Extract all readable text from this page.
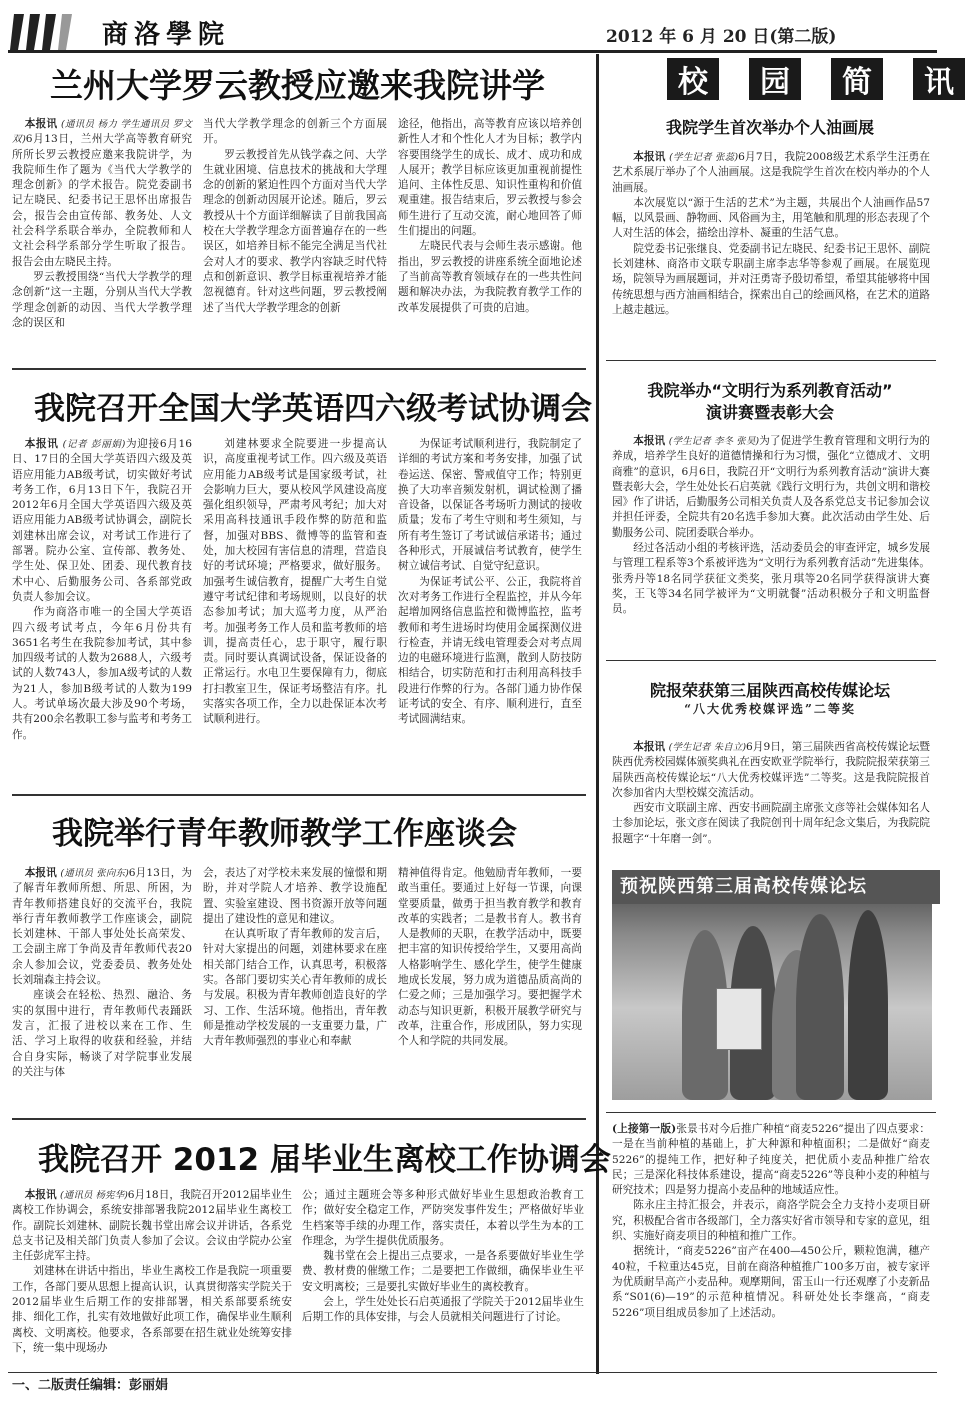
商洛學院	2012 年 6 月 20 日(第二版)
兰州大学罗云教授应邀来我院讲学

本报讯 (通讯员 杨力 学生通讯员 罗文双)6月13日，兰州大学高等教育研究所所长罗云教授应邀来我院讲学，为我院师生作了题为《当代大学教学的理念创新》的学术报告。院党委副书记左晓民、纪委书记王思怀出席报告会，报告会由宣传部、教务处、人文社会科学系联合举办，全院教师和人文社会科学系部分学生听取了报告。报告会由左晓民主持。

罗云教授围绕“当代大学教学的理念创新”这一主题，分别从当代大学教学理念创新的动因、当代大学教学理念的误区和

当代大学教学理念的创新三个方面展开。

罗云教授首先从钱学森之问、大学生就业困境、信息技术的挑战和大学理念的创新的紧迫性四个方面对当代大学理念的创新动因展开论述。随后，罗云教授从十个方面详细解读了目前我国高校在大学教学理念方面普遍存在的一些误区，如培养目标不能完全满足当代社会对人才的要求、教学内容缺乏时代特点和创新意识、教学目标重视培养才能忽视德育。针对这些问题，罗云教授阐述了当代大学教学理念的创新

途径，他指出，高等教育应该以培养创新性人才和个性化人才为目标；教学内容要围绕学生的成长、成才、成功和成人展开；教学目标应该更加重视前提性追问、主体性反思、知识性重构和价值观重建。报告结束后，罗云教授与参会师生进行了互动交流，耐心地回答了师生们提出的问题。

左晓民代表与会师生表示感谢。他指出，罗云教授的讲座系统全面地论述了当前高等教育领域存在的一些共性问题和解决办法，为我院教育教学工作的改革发展提供了可贵的启迪。

我院召开全国大学英语四六级考试协调会

本报讯 (记者 彭丽娟)为迎接6月16日、17日的全国大学英语四六级及英语应用能力AB级考试，切实做好考试考务工作，6月13日下午，我院召开2012年6月全国大学英语四六级及英语应用能力AB级考试协调会，副院长刘建林出席会议，对考试工作进行了部署。院办公室、宣传部、教务处、学生处、保卫处、团委、现代教育技术中心、后勤服务公司、各系部党政负责人参加会议。

作为商洛市唯一的全国大学英语四六级考试考点，今年6月份共有3651名考生在我院参加考试，其中参加四级考试的人数为2688人，六级考试的人数743人，参加A级考试的人数为21人，参加B级考试的人数为199人。考试单场次最大涉及90个考场，共有200余名教职工参与监考和考务工作。

刘建林要求全院要进一步提高认识，高度重视考试工作。四六级及英语应用能力AB级考试是国家级考试，社会影响力巨大，要从校风学风建设高度强化组织领导，严肃考风考纪；加大对采用高科技通讯手段作弊的防范和监督，加强对BBS、微博等的监管和查处，加大校园有害信息的清理，营造良好的考试环境；严格要求，做好服务。加强考生诚信教育，提醒广大考生自觉遵守考试纪律和考场规则，以良好的状态参加考试；加大巡考力度，从严治考。加强考务工作人员和监考教师的培训，提高责任心，忠于职守，履行职责。同时要认真调试设备，保证设备的正常运行。水电卫生要保障有力，彻底打扫教室卫生，保证考场整洁有序。扎实落实各项工作，全力以赴保证本次考试顺利进行。

为保证考试顺利进行，我院制定了详细的考试方案和考务安排，加强了试卷运送、保密、警戒值守工作；特别更换了大功率音频发射机，调试检测了播音设备，以保证各考场听力测试的接收质量；发布了考生守则和考生须知，与所有考生签订了考试诚信承诺书；通过各种形式，开展诚信考试教育，使学生树立诚信考试、自觉守纪意识。

为保证考试公平、公正，我院将首次对考务工作进行全程监控，并从今年起增加网络信息监控和微博监控，监考教师和考生进场时均使用金属探测仪进行检查，并请无线电管理委会对考点周边的电磁环境进行监测，散到人防技防相结合，切实防范和打击利用高科技手段进行作弊的行为。各部门通力协作保证考试的安全、有序、顺利进行，直至考试圆满结束。

我院举行青年教师教学工作座谈会

本报讯 (通讯员 张向东)6月13日，为了解青年教师所想、所思、所困，为青年教师搭建良好的交流平台，我院举行青年教师教学工作座谈会，副院长刘建林、干部人事处处长高荣发、工会副主席丁争尚及青年教师代表20余人参加会议，党委委员、教务处处长刘瑞森主持会议。

座谈会在轻松、热烈、融洽、务实的氛围中进行，青年教师代表踊跃发言，汇报了进校以来在工作、生活、学习上取得的收获和经验，并结合自身实际，畅谈了对学院事业发展的关注与体

会，表达了对学校未来发展的憧憬和期盼，并对学院人才培养、教学设施配置、实验室建设、图书资源开放等问题提出了建设性的意见和建议。

在认真听取了青年教师的发言后，针对大家提出的问题，刘建林要求在座相关部门结合工作，认真思考，积极落实。各部门要切实关心青年教师的成长与发展。积极为青年教师创造良好的学习、工作、生活环境。他指出，青年教师是推动学校发展的一支重要力量，广大青年教师强烈的事业心和奉献

精神值得肯定。他勉励青年教师，一要敢当重任。要通过上好每一节课，向课堂要质量，做勇于担当教育教学和教育改革的实践者；二是教书育人。教书育人是教师的天职，在教学活动中，既要把丰富的知识传授给学生，又要用高尚人格影响学生、感化学生，使学生健康地成长发展，努力成为道德品质高尚的仁爱之师；三是加强学习。要把握学术动态与知识更新，积极开展教学研究与改革，注重合作，形成团队，努力实现个人和学院的共同发展。

我院召开 2012 届毕业生离校工作协调会

本报讯 (通讯员 杨宪华)6月18日，我院召开2012届毕业生离校工作协调会，系统安排部署我院2012届毕业生离校工作。副院长刘建林、副院长魏书堂出席会议并讲话，各系党总支书记及相关部门负责人参加了会议。会议由学院办公室主任彭虎军主持。

刘建林在讲话中指出，毕业生离校工作是我院一项重要工作，各部门要从思想上提高认识，认真贯彻落实学院关于2012届毕业生后期工作的安排部署，相关系部要系统安排、细化工作，扎实有效地做好此项工作，确保毕业生顺利离校、文明离校。他要求，各系部要在招生就业处统筹安排下，统一集中现场办

公；通过主题班会等多种形式做好毕业生思想政治教育工作；做好安全稳定工作，严防突发事件发生；严格做好毕业生档案等手续的办理工作，落实责任，本着以学生为本的工作理念，为学生提供优质服务。

魏书堂在会上提出三点要求，一是各系要做好毕业生学费、教材费的催缴工作；二是要把工作做细，确保毕业生平安文明离校；三是要扎实做好毕业生的离校教育。

会上，学生处处长石启英通报了学院关于2012届毕业生后期工作的具体安排，与会人员就相关问题进行了讨论。

校	园	简	讯
我院学生首次举办个人油画展

本报讯 (学生记者 张蕊)6月7日，我院2008级艺术系学生汪勇在艺术系展厅举办了个人油画展。这是我院学生首次在校内举办的个人油画展。

本次展览以“源于生活的艺术”为主题，共展出个人油画作品57幅，以风景画、静物画、风俗画为主，用笔触和肌理的形态表现了个人对生活的体会，描绘出淳朴、凝重的生活气息。

院党委书记张继良、党委副书记左晓民、纪委书记王思怀、副院长刘建林、商洛市文联专职副主席李志华等参观了画展。在展览现场，院领导为画展题词，并对汪勇寄予殷切希望，希望其能够将中国传统思想与西方油画相结合，探索出自己的绘画风格，在艺术的道路上越走越远。

我院举办“文明行为系列教育活动”
演讲赛暨表彰大会

本报讯 (学生记者 李冬 张昊)为了促进学生教育管理和文明行为的养成，培养学生良好的道德情操和行为习惯，强化“立德成才、文明商雅”的意识，6月6日，我院召开“文明行为系列教育活动”演讲大赛暨表彰大会，学生处处长石启英就《践行文明行为，共创文明和谐校园》作了讲话，后勤服务公司相关负责人及各系党总支书记参加会议并担任评委，全院共有20名选手参加大赛。此次活动由学生处、后勤服务公司、院团委联合举办。

经过各活动小组的考核评选，活动委员会的审查评定，城乡发展与管理工程系等3个系被评选为“文明行为系列教育活动”先进集体。张秀丹等18名同学获征文类奖，张月琪等20名同学获得演讲大赛奖，王飞等34名同学被评为“文明就餐”活动积极分子和文明监督员。

院报荣获第三届陕西高校传媒论坛
“八大优秀校媒评选”二等奖

本报讯 (学生记者 朱自立)6月9日，第三届陕西省高校传媒论坛暨陕西优秀校园媒体颁奖典礼在西安欧亚学院举行，我院院报荣获第三届陕西高校传媒论坛“八大优秀校媒评选”二等奖。这是我院院报首次参加省内大型校媒交流活动。

西安市文联副主席、西安书画院副主席张文彦等社会媒体知名人士参加论坛，张文彦在阅读了我院创刊十周年纪念文集后，为我院院报题字“十年磨一剑”。

预祝陕西第三届高校传媒论坛

(上接第一版)张景书对今后推广种植“商麦5226”提出了四点要求：一是在当前种植的基础上，扩大种源和种植面积；二是做好“商麦5226”的提纯工作，把好种子纯度关，把优质小麦品种推广给农民；三是深化科技体系建设，提高“商麦5226”等良种小麦的种植与研究技术；四是努力提高小麦品种的地域适应性。

陈永庄主持汇报会，并表示，商洛学院会全力支持小麦项目研究，积极配合省市各级部门，全力落实好省市领导和专家的意见，组织、实施好商麦项目的种植和推广工作。

据统计，“商麦5226”亩产在400—450公斤，颗粒饱满，穗产40粒，千粒重达45克，目前在商洛种植推广100多万亩，被专家评为优质耐旱高产小麦品种。观摩期间，雷玉山一行还观摩了小麦新品系“S01(6)—19”的示范种植情况。科研处处长李继高，“商麦5226”项目组成员参加了上述活动。

一、二版责任编辑：彭丽娟
